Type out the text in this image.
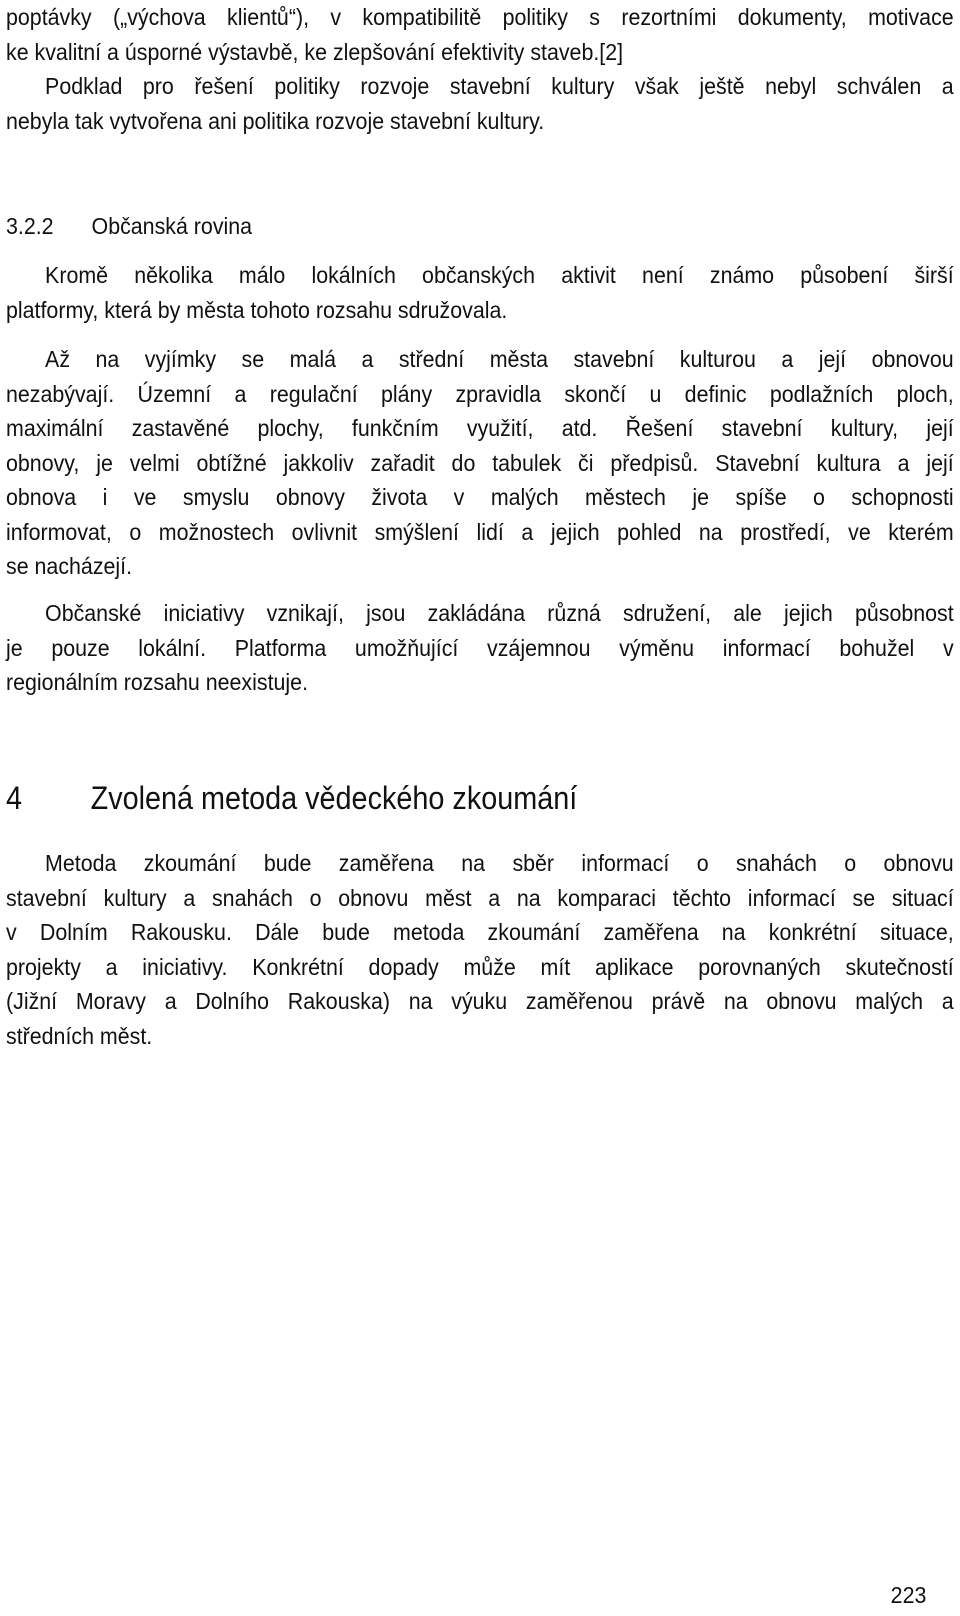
poptávky („výchova klientů“), v kompatibilitě politiky s rezortními dokumenty, motivace
ke kvalitní a úsporné výstavbě, ke zlepšování efektivity staveb.[2]
Podklad pro řešení politiky rozvoje stavební kultury však ještě nebyl schválen a
nebyla tak vytvořena ani politika rozvoje stavební kultury.
3.2.2 Občanská rovina
Kromě několika málo lokálních občanských aktivit není známo působení širší
platformy, která by města tohoto rozsahu sdružovala.
Až na vyjímky se malá a střední města stavební kulturou a její obnovou
nezabývají. Územní a regulační plány zpravidla skončí u definic podlažních ploch,
maximální zastavěné plochy, funkčním využití, atd. Řešení stavební kultury, její
obnovy, je velmi obtížné jakkoliv zařadit do tabulek či předpisů. Stavební kultura a její
obnova i ve smyslu obnovy života v malých městech je spíše o schopnosti
informovat, o možnostech ovlivnit smýšlení lidí a jejich pohled na prostředí, ve kterém
se nacházejí.
Občanské iniciativy vznikají, jsou zakládána různá sdružení, ale jejich působnost
je pouze lokální. Platforma umožňující vzájemnou výměnu informací bohužel v
regionálním rozsahu neexistuje.
4 Zvolená metoda vědeckého zkoumání
Metoda zkoumání bude zaměřena na sběr informací o snahách o obnovu
stavební kultury a snahách o obnovu měst a na komparaci těchto informací se situací
v Dolním Rakousku. Dále bude metoda zkoumání zaměřena na konkrétní situace,
projekty a iniciativy. Konkrétní dopady může mít aplikace porovnaných skutečností
(Jižní Moravy a Dolního Rakouska) na výuku zaměřenou právě na obnovu malých a
středních měst.
223
